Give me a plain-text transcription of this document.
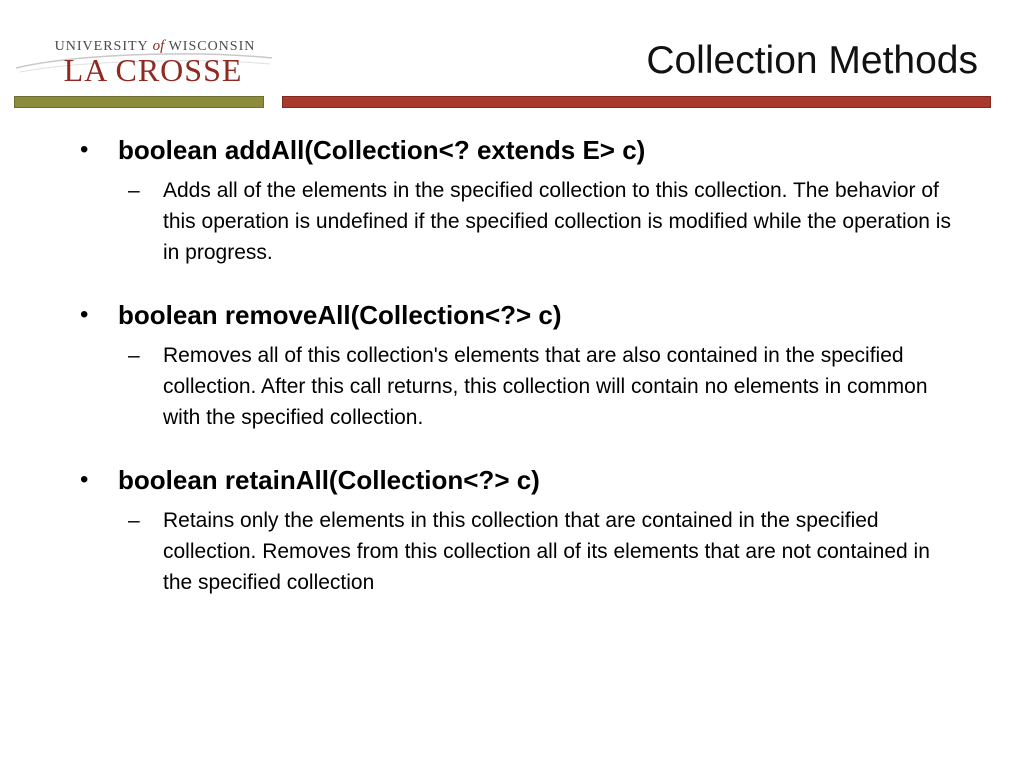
UNIVERSITY of WISCONSIN
LA CROSSE	Collection Methods
• boolean addAll(Collection<? extends E> c)
– Adds all of the elements in the specified collection to this collection. The behavior of this operation is undefined if the specified collection is modified while the operation is in progress.
• boolean removeAll(Collection<?> c)
– Removes all of this collection's elements that are also contained in the specified collection. After this call returns, this collection will contain no elements in common with the specified collection.
• boolean retainAll(Collection<?> c)
– Retains only the elements in this collection that are contained in the specified collection. Removes from this collection all of its elements that are not contained in the specified collection
